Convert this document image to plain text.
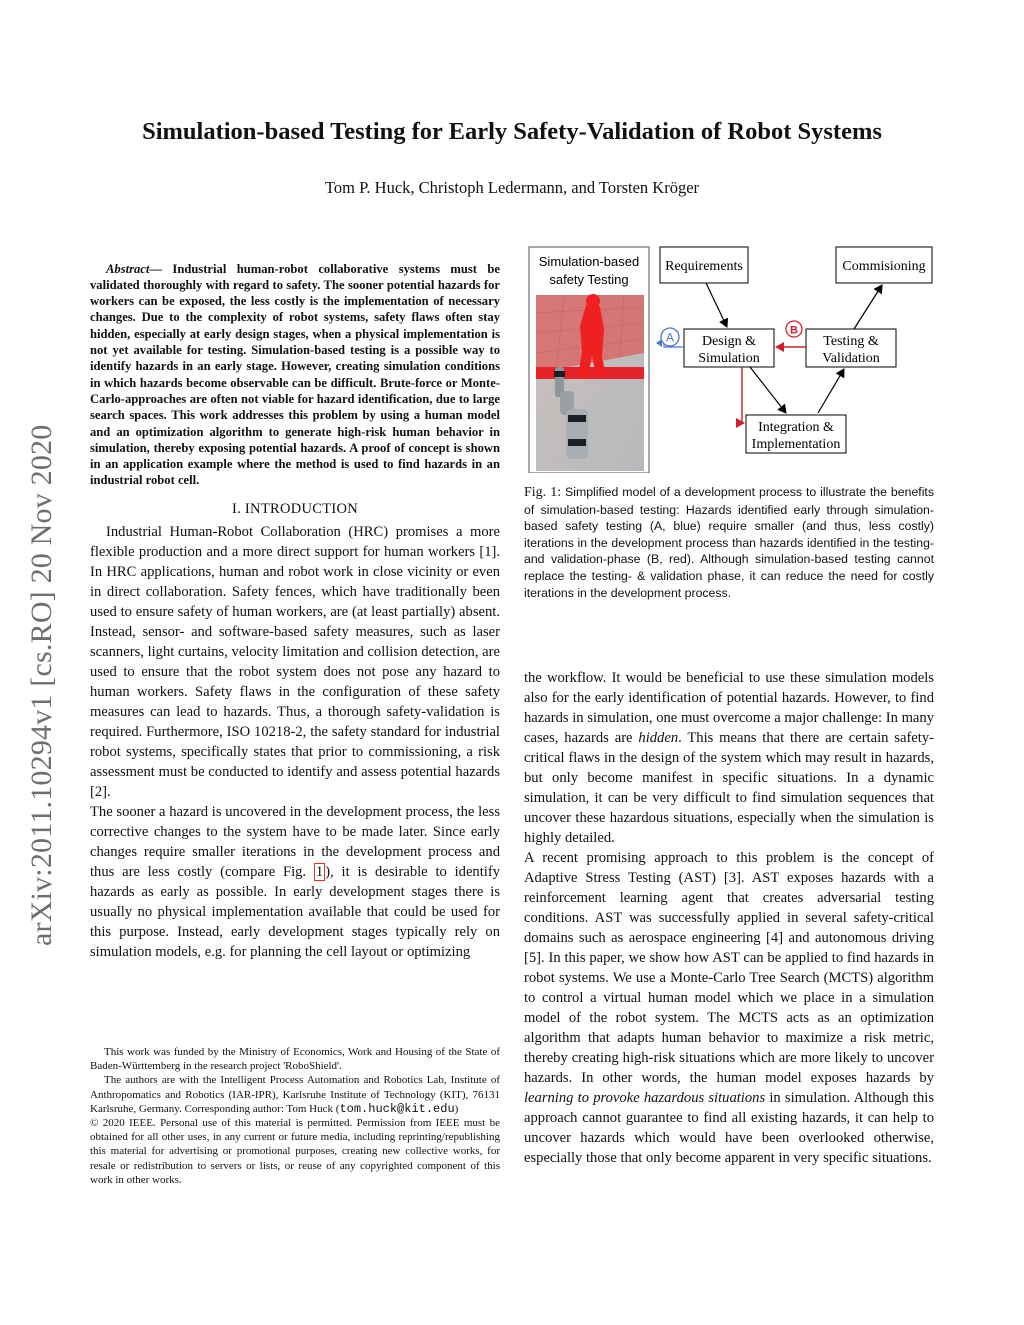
Simulation-based Testing for Early Safety-Validation of Robot Systems
Tom P. Huck, Christoph Ledermann, and Torsten Kröger
arXiv:2011.10294v1 [cs.RO] 20 Nov 2020

Abstract— Industrial human-robot collaborative systems must be validated thoroughly with regard to safety. The sooner potential hazards for workers can be exposed, the less costly is the implementation of necessary changes. Due to the complexity of robot systems, safety flaws often stay hidden, especially at early design stages, when a physical implementation is not yet available for testing. Simulation-based testing is a possible way to identify hazards in an early stage. However, creating simulation conditions in which hazards become observable can be difficult. Brute-force or Monte-Carlo-approaches are often not viable for hazard identification, due to large search spaces. This work addresses this problem by using a human model and an optimization algorithm to generate high-risk human behavior in simulation, thereby exposing potential hazards. A proof of concept is shown in an application example where the method is used to find hazards in an industrial robot cell.

I. INTRODUCTION

Industrial Human-Robot Collaboration (HRC) promises a more flexible production and a more direct support for human workers [1]. In HRC applications, human and robot work in close vicinity or even in direct collaboration. Safety fences, which have traditionally been used to ensure safety of human workers, are (at least partially) absent. Instead, sensor- and software-based safety measures, such as laser scanners, light curtains, velocity limitation and collision detection, are used to ensure that the robot system does not pose any hazard to human workers. Safety flaws in the configuration of these safety measures can lead to hazards. Thus, a thorough safety-validation is required. Furthermore, ISO 10218-2, the safety standard for industrial robot systems, specifically states that prior to commissioning, a risk assessment must be conducted to identify and assess potential hazards [2].

The sooner a hazard is uncovered in the development process, the less corrective changes to the system have to be made later. Since early changes require smaller iterations in the development process and thus are less costly (compare Fig. 1 ), it is desirable to identify hazards as early as possible. In early development stages there is usually no physical implementation available that could be used for this purpose. Instead, early development stages typically rely on simulation models, e.g. for planning the cell layout or optimizing

This work was funded by the Ministry of Economics, Work and Housing of the State of Baden-Württemberg in the research project 'RoboShield'.

The authors are with the Intelligent Process Automation and Robotics Lab, Institute of Anthropomatics and Robotics (IAR-IPR), Karlsruhe Institute of Technology (KIT), 76131 Karlsruhe, Germany. Corresponding author: Tom Huck (tom.huck@kit.edu)

© 2020 IEEE. Personal use of this material is permitted. Permission from IEEE must be obtained for all other uses, in any current or future media, including reprinting/republishing this material for advertising or promotional purposes, creating new collective works, for resale or redistribution to servers or lists, or reuse of any copyrighted component of this work in other works.

Simulation-based
safety Testing
Requirements	Commisioning
Design &
Simulation
Testing &
Validation
Integration &
Implementation
B
A
Fig. 1: Simplified model of a development process to illustrate the benefits of simulation-based testing: Hazards identified early through simulation-based safety testing (A, blue) require smaller (and thus, less costly) iterations in the development process than hazards identified in the testing- and validation-phase (B, red). Although simulation-based testing cannot replace the testing- & validation phase, it can reduce the need for costly iterations in the development process.

the workflow. It would be beneficial to use these simulation models also for the early identification of potential hazards. However, to find hazards in simulation, one must overcome a major challenge: In many cases, hazards are hidden. This means that there are certain safety-critical flaws in the design of the system which may result in hazards, but only become manifest in specific situations. In a dynamic simulation, it can be very difficult to find simulation sequences that uncover these hazardous situations, especially when the simulation is highly detailed.

A recent promising approach to this problem is the concept of Adaptive Stress Testing (AST) [3]. AST exposes hazards with a reinforcement learning agent that creates adversarial testing conditions. AST was successfully applied in several safety-critical domains such as aerospace engineering [4] and autonomous driving [5]. In this paper, we show how AST can be applied to find hazards in robot systems. We use a Monte-Carlo Tree Search (MCTS) algorithm to control a virtual human model which we place in a simulation model of the robot system. The MCTS acts as an optimization algorithm that adapts human behavior to maximize a risk metric, thereby creating high-risk situations which are more likely to uncover hazards. In other words, the human model exposes hazards by learning to provoke hazardous situations in simulation. Although this approach cannot guarantee to find all existing hazards, it can help to uncover hazards which would have been overlooked otherwise, especially those that only become apparent in very specific situations.
